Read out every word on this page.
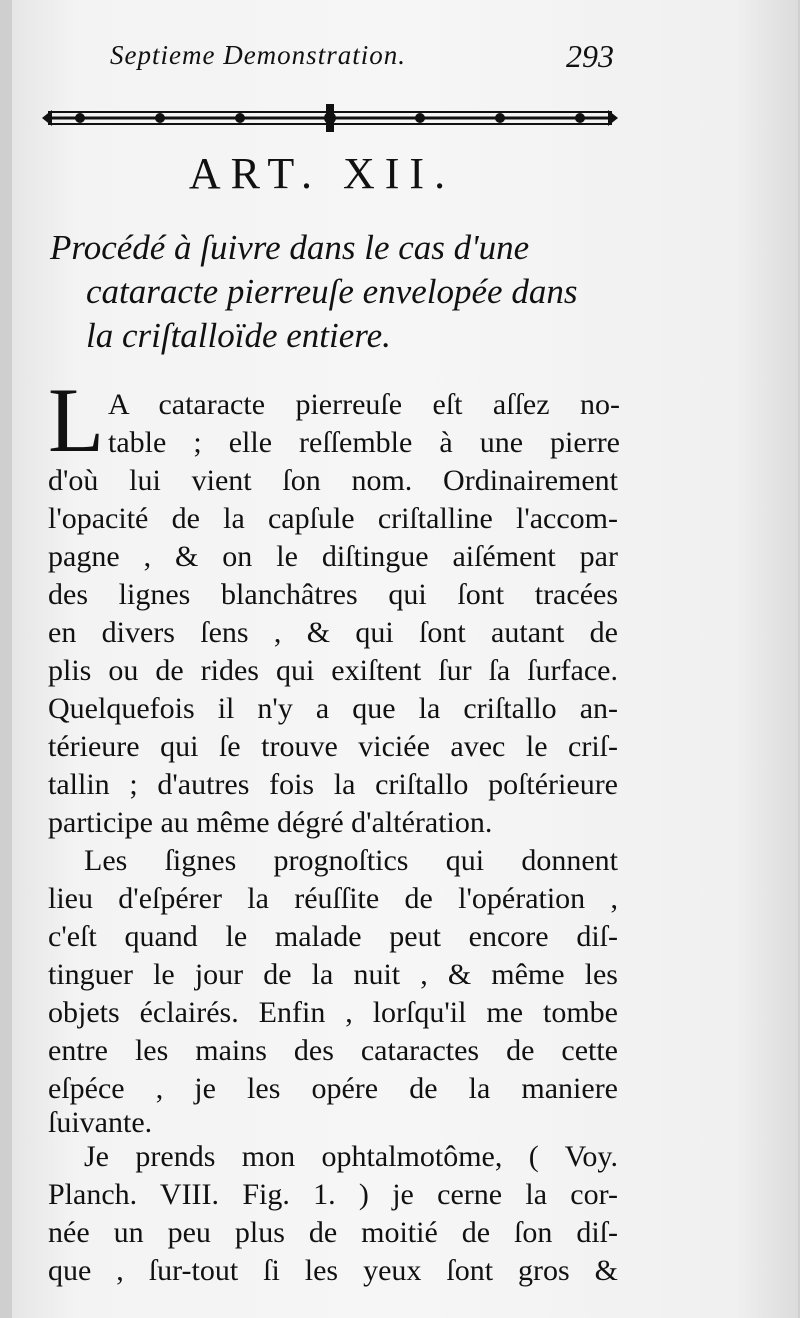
Septieme Demonstration.	293
ART. XII.
Procédé à ſuivre dans le cas d'une
cataracte pierreuſe envelopée dans
la criſtalloïde entiere.
L A cataracte pierreuſe eſt aſſez no-
table ; elle reſſemble à une pierre
d'où lui vient ſon nom. Ordinairement
l'opacité de la capſule criſtalline l'accom-
pagne , & on le diſtingue aiſément par
des lignes blanchâtres qui ſont tracées
en divers ſens , & qui ſont autant de
plis ou de rides qui exiſtent ſur ſa ſurface.
Quelquefois il n'y a que la criſtallo an-
térieure qui ſe trouve viciée avec le criſ-
tallin ; d'autres fois la criſtallo poſtérieure
participe au même dégré d'altération.
Les ſignes prognoſtics qui donnent
lieu d'eſpérer la réuſſite de l'opération ,
c'eſt quand le malade peut encore diſ-
tinguer le jour de la nuit , & même les
objets éclairés. Enfin , lorſqu'il me tombe
entre les mains des cataractes de cette
eſpéce , je les opére de la maniere
ſuivante.
Je prends mon ophtalmotôme, ( Voy.
Planch. VIII. Fig. 1. ) je cerne la cor-
née un peu plus de moitié de ſon diſ-
que , ſur-tout ſi les yeux ſont gros &
